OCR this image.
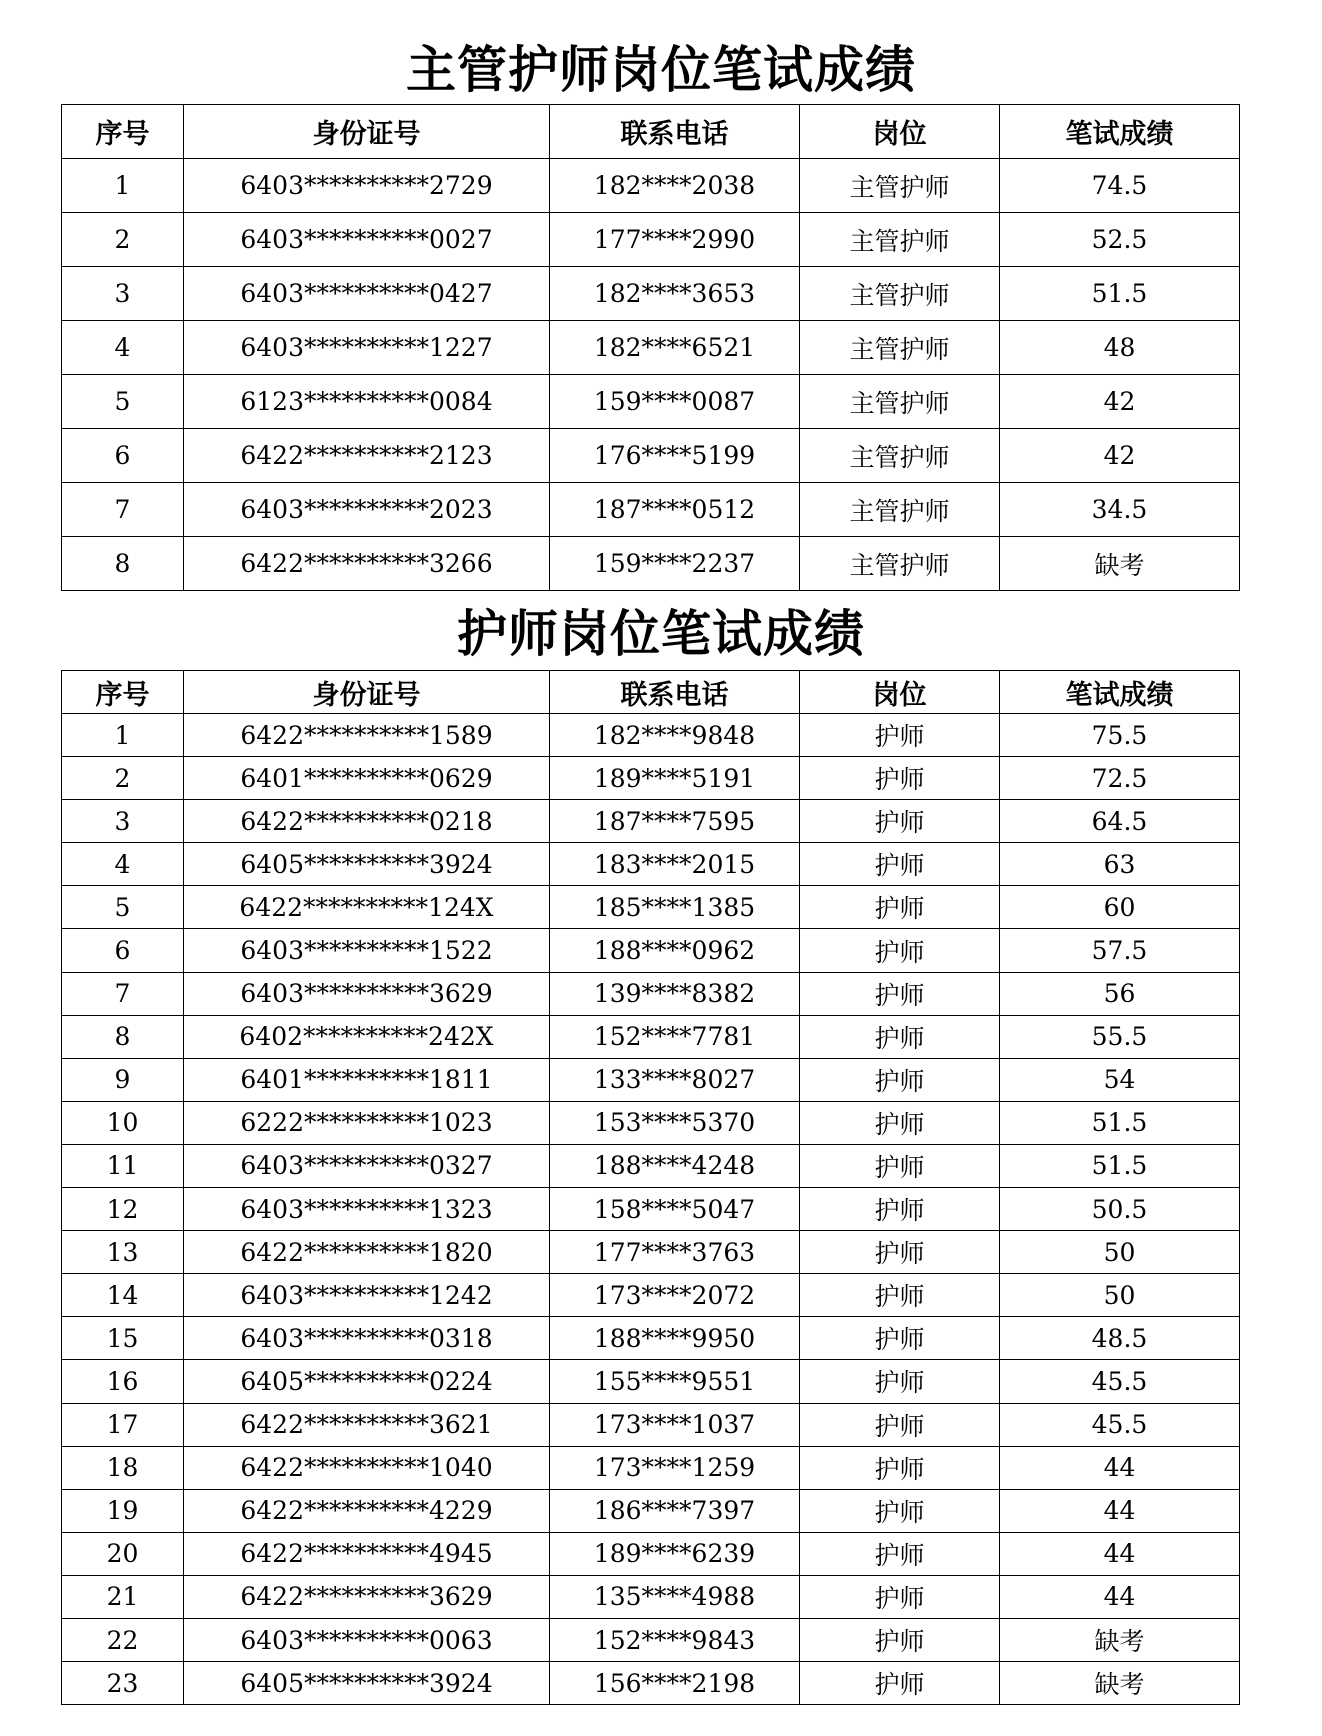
主管护师岗位笔试成绩
序号	身份证号	联系电话	岗位	笔试成绩
1	6403**********2729	182****2038	主管护师	74.5
2	6403**********0027	177****2990	主管护师	52.5
3	6403**********0427	182****3653	主管护师	51.5
4	6403**********1227	182****6521	主管护师	48
5	6123**********0084	159****0087	主管护师	42
6	6422**********2123	176****5199	主管护师	42
7	6403**********2023	187****0512	主管护师	34.5
8	6422**********3266	159****2237	主管护师	缺考
护师岗位笔试成绩
序号	身份证号	联系电话	岗位	笔试成绩
1	6422**********1589	182****9848	护师	75.5
2	6401**********0629	189****5191	护师	72.5
3	6422**********0218	187****7595	护师	64.5
4	6405**********3924	183****2015	护师	63
5	6422**********124X	185****1385	护师	60
6	6403**********1522	188****0962	护师	57.5
7	6403**********3629	139****8382	护师	56
8	6402**********242X	152****7781	护师	55.5
9	6401**********1811	133****8027	护师	54
10	6222**********1023	153****5370	护师	51.5
11	6403**********0327	188****4248	护师	51.5
12	6403**********1323	158****5047	护师	50.5
13	6422**********1820	177****3763	护师	50
14	6403**********1242	173****2072	护师	50
15	6403**********0318	188****9950	护师	48.5
16	6405**********0224	155****9551	护师	45.5
17	6422**********3621	173****1037	护师	45.5
18	6422**********1040	173****1259	护师	44
19	6422**********4229	186****7397	护师	44
20	6422**********4945	189****6239	护师	44
21	6422**********3629	135****4988	护师	44
22	6403**********0063	152****9843	护师	缺考
23	6405**********3924	156****2198	护师	缺考
